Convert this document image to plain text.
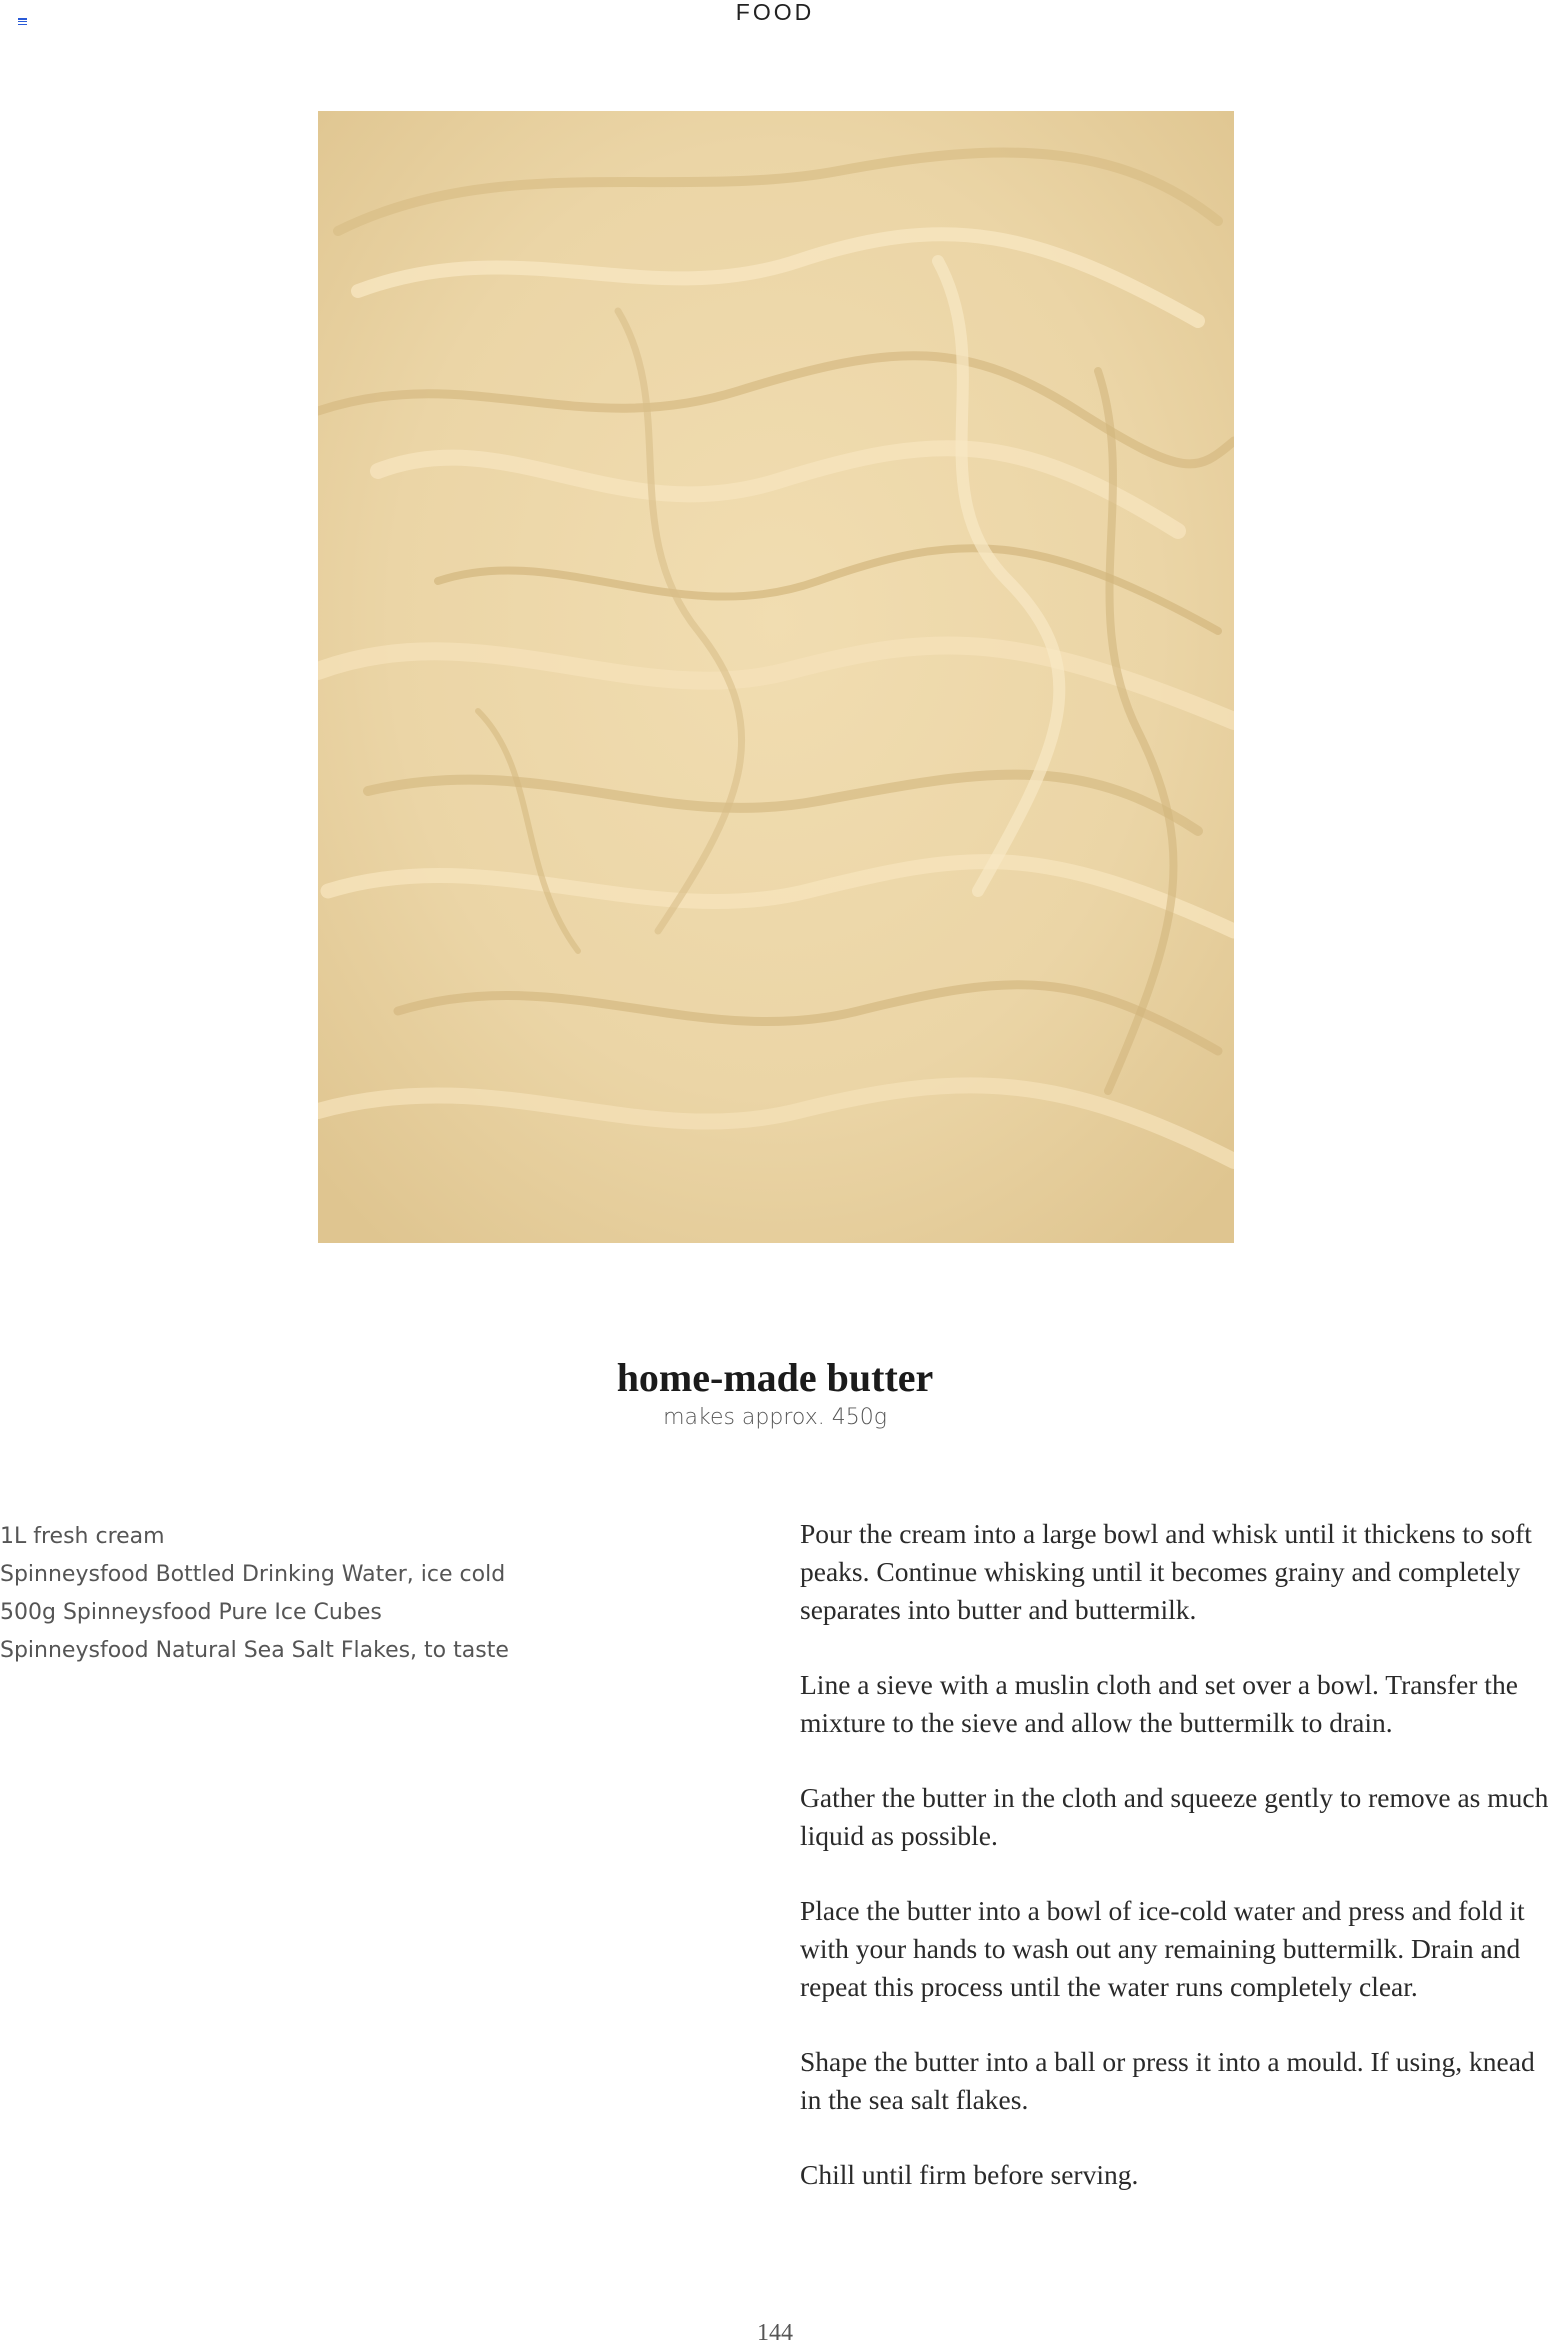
FOOD
home-made butter
makes approx. 450g
1L fresh cream
Spinneysfood Bottled Drinking Water, ice cold
500g Spinneysfood Pure Ice Cubes
Spinneysfood Natural Sea Salt Flakes, to taste

Pour the cream into a large bowl and whisk until it thickens to soft peaks. Continue whisking until it becomes grainy and completely separates into butter and buttermilk.

Line a sieve with a muslin cloth and set over a bowl. Transfer the mixture to the sieve and allow the buttermilk to drain.

Gather the butter in the cloth and squeeze gently to remove as much liquid as possible.

Place the butter into a bowl of ice-cold water and press and fold it with your hands to wash out any remaining buttermilk. Drain and repeat this process until the water runs completely clear.

Shape the butter into a ball or press it into a mould. If using, knead in the sea salt flakes.

Chill until firm before serving.

144
